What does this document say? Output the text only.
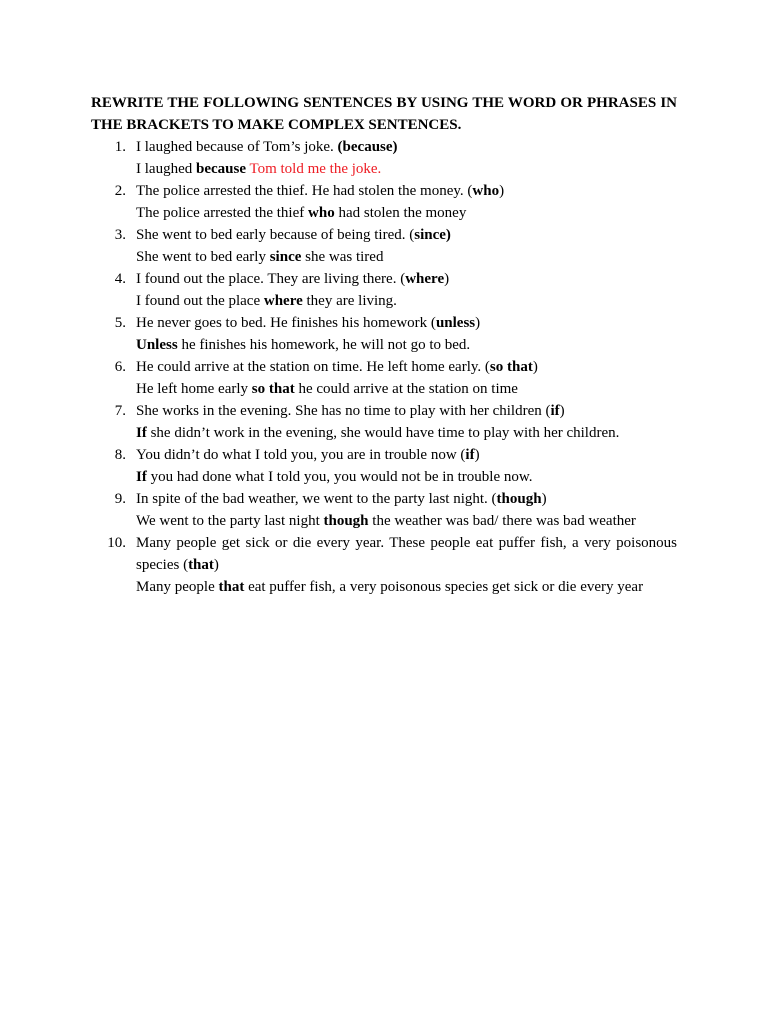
REWRITE THE FOLLOWING SENTENCES BY USING THE WORD OR PHRASES IN THE BRACKETS TO MAKE COMPLEX SENTENCES.

1. I laughed because of Tom’s joke. (because)
I laughed because Tom told me the joke.
2. The police arrested the thief. He had stolen the money. (who)
The police arrested the thief who had stolen the money
3. She went to bed early because of being tired. (since)
She went to bed early since she was tired
4. I found out the place. They are living there. (where)
I found out the place where they are living.
5. He never goes to bed. He finishes his homework (unless)
Unless he finishes his homework, he will not go to bed.
6. He could arrive at the station on time. He left home early. (so that)
He left home early so that he could arrive at the station on time
7. She works in the evening. She has no time to play with her children (if)
If she didn’t work in the evening, she would have time to play with her children.
8. You didn’t do what I told you, you are in trouble now (if)
If you had done what I told you, you would not be in trouble now.
9. In spite of the bad weather, we went to the party last night. (though)
We went to the party last night though the weather was bad/ there was bad weather
10. Many people get sick or die every year. These people eat puffer fish, a very poisonous species (that)
Many people that eat puffer fish, a very poisonous species get sick or die every year
